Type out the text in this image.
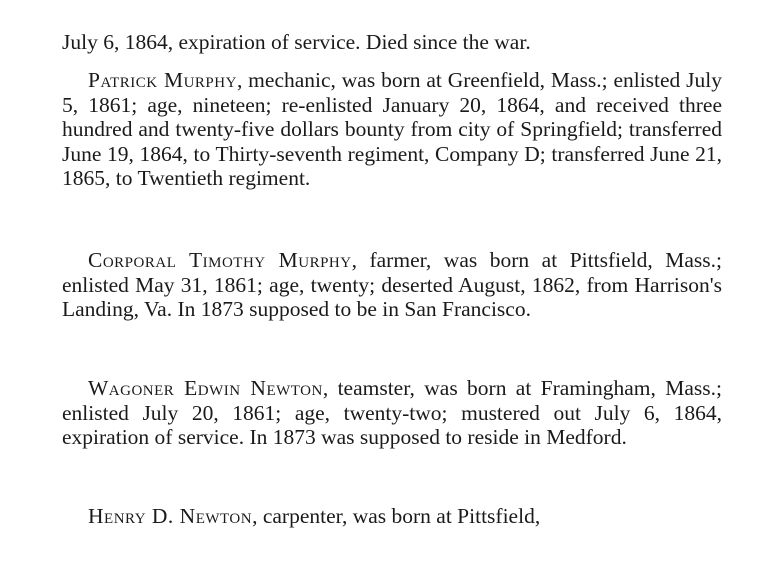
July 6, 1864, expiration of service. Died since the war.

Patrick Murphy, mechanic, was born at Greenfield, Mass.; enlisted July 5, 1861; age, nineteen; re-enlisted January 20, 1864, and received three hundred and twenty-five dollars bounty from city of Springfield; transferred June 19, 1864, to Thirty-seventh regiment, Company D; transferred June 21, 1865, to Twentieth regiment.

Corporal Timothy Murphy, farmer, was born at Pittsfield, Mass.; enlisted May 31, 1861; age, twenty; deserted August, 1862, from Harrison's Landing, Va. In 1873 supposed to be in San Francisco.

Wagoner Edwin Newton, teamster, was born at Framingham, Mass.; enlisted July 20, 1861; age, twenty-two; mustered out July 6, 1864, expiration of service. In 1873 was supposed to reside in Medford.

Henry D. Newton, carpenter, was born at Pittsfield,
